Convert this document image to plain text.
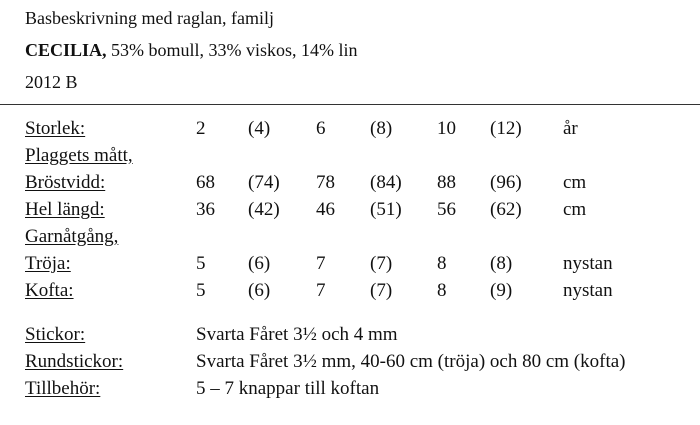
Basbeskrivning med raglan, familj
CECILIA, 53% bomull, 33% viskos, 14% lin
2012 B
Storlek:	2 (4) 6 (8) 10 (12) år
Plaggets mått,
Bröstvidd:	68 (74) 78 (84) 88 (96) cm
Hel längd:	36 (42) 46 (51) 56 (62) cm
Garnåtgång,
Tröja:	5 (6) 7 (7) 8 (8)	nystan
Kofta:	5 (6) 7 (7) 8 (9)	nystan
Stickor:	Svarta Fåret 3½ och 4 mm
Rundstickor:	Svarta Fåret 3½ mm, 40-60 cm (tröja) och 80 cm (kofta)
Tillbehör:	5 – 7 knappar till koftan
